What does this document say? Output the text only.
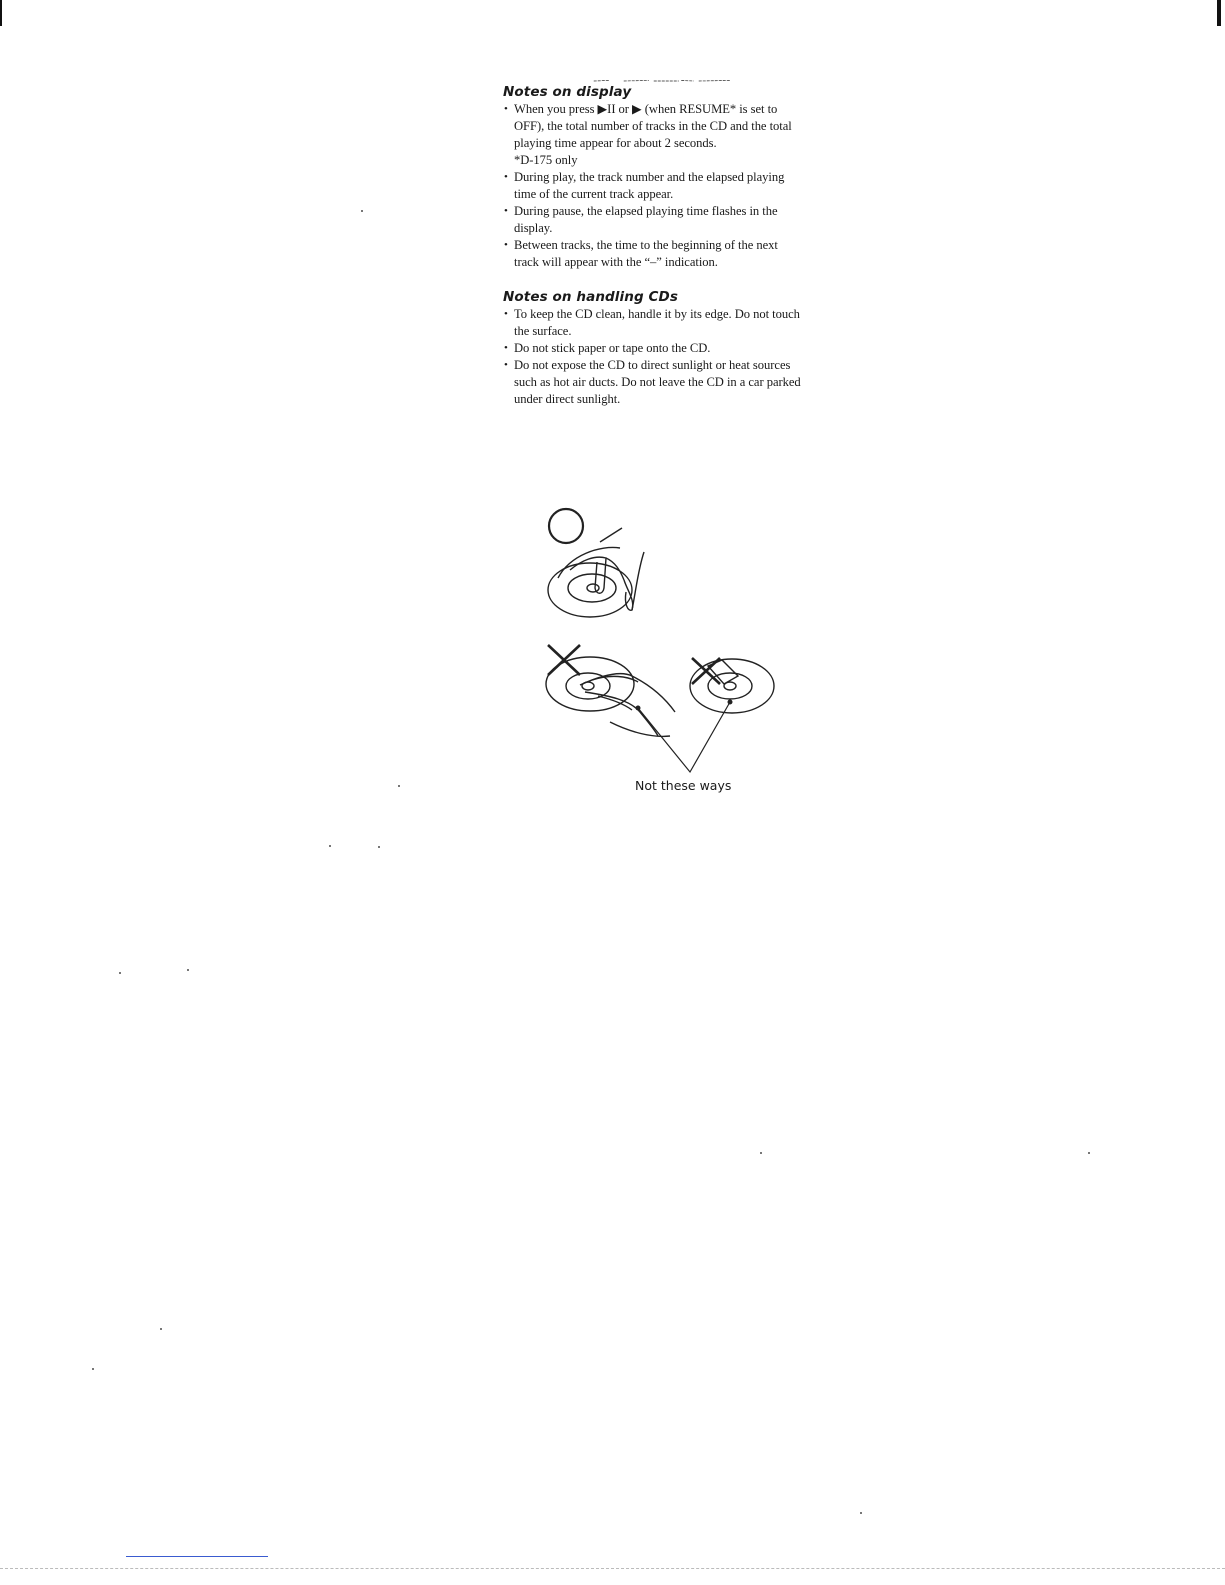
Notes on display
• When you press ▶II or ▶ (when RESUME* is set to OFF), the total number of tracks in the CD and the total playing time appear for about 2 seconds.
*D-175 only
• During play, the track number and the elapsed playing time of the current track appear.
• During pause, the elapsed playing time flashes in the display.
• Between tracks, the time to the beginning of the next track will appear with the “–” indication.
Notes on handling CDs
• To keep the CD clean, handle it by its edge. Do not touch the surface.
• Do not stick paper or tape onto the CD.
• Do not expose the CD to direct sunlight or heat sources such as hot air ducts. Do not leave the CD in a car parked under direct sunlight.
Not these ways
